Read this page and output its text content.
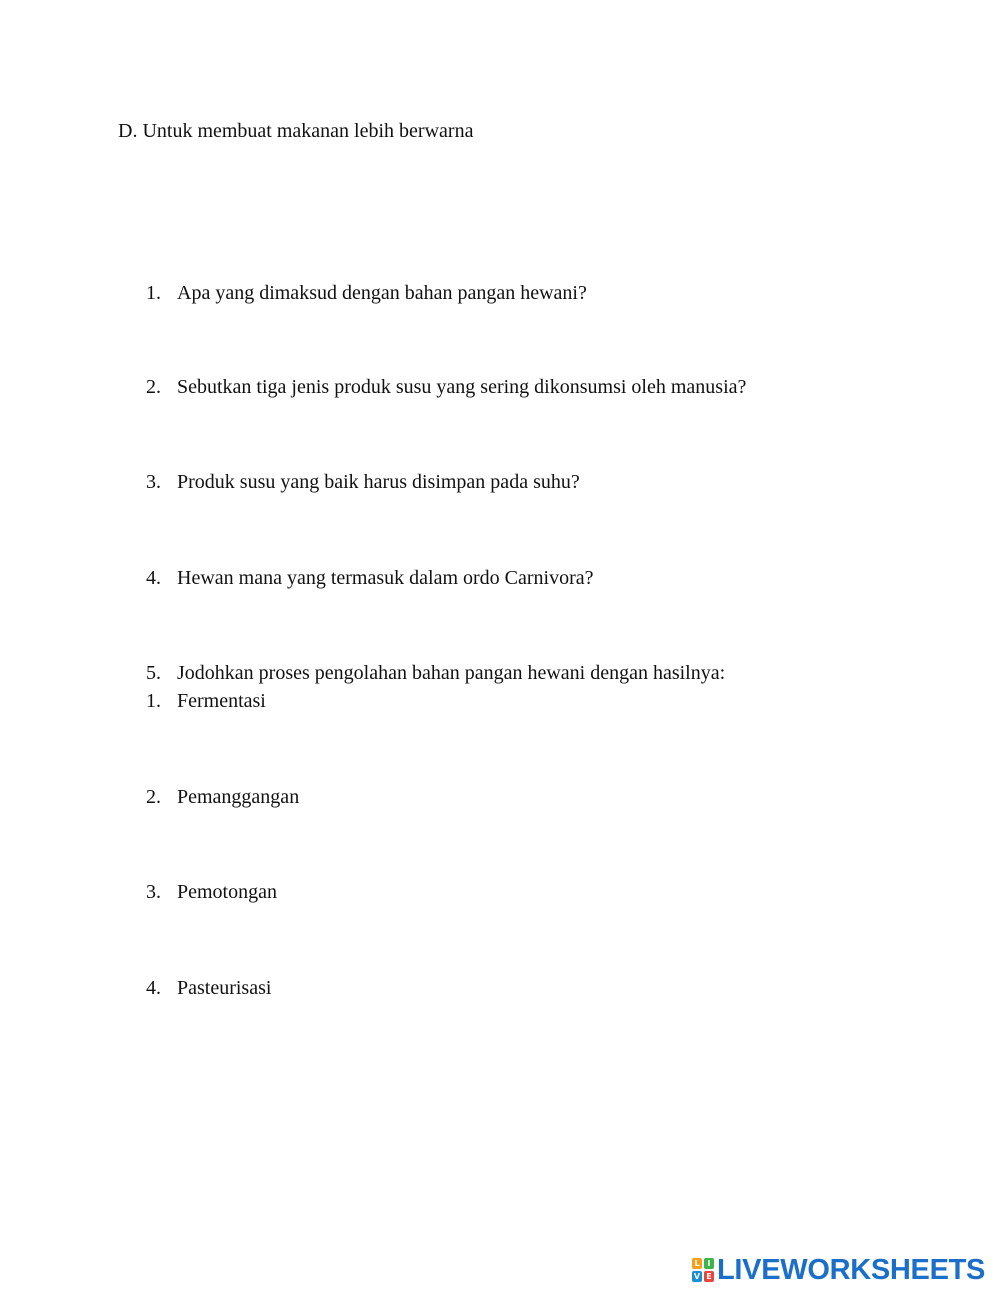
D. Untuk membuat makanan lebih berwarna
1. Apa yang dimaksud dengan bahan pangan hewani?
2. Sebutkan tiga jenis produk susu yang sering dikonsumsi oleh manusia?
3. Produk susu yang baik harus disimpan pada suhu?
4. Hewan mana yang termasuk dalam ordo Carnivora?
5. Jodohkan proses pengolahan bahan pangan hewani dengan hasilnya:
1. Fermentasi
2. Pemanggangan
3. Pemotongan
4. Pasteurisasi
L I
V E LIVEWORKSHEETS
